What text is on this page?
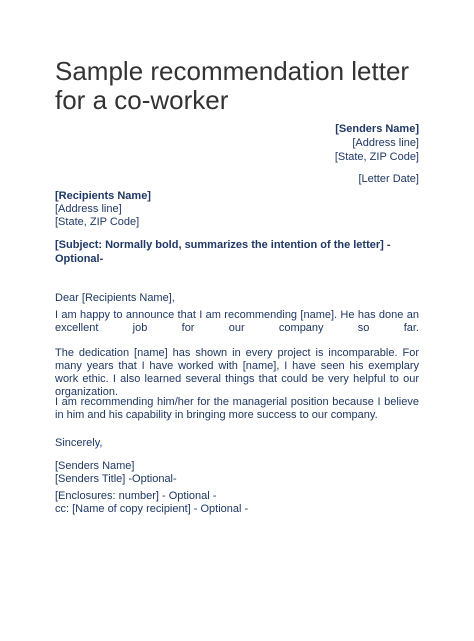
Sample recommendation letter for a co-worker
[Senders Name]
[Address line]
[State, ZIP Code]
[Letter Date]
[Recipients Name]
[Address line]
[State, ZIP Code]
[Subject: Normally bold, summarizes the intention of the letter] - Optional-
Dear [Recipients Name],
I am happy to announce that I am recommending [name]. He has done an
excellent job for our company so far.
The dedication [name] has shown in every project is incomparable. For many years that I have worked with [name], I have seen his exemplary work ethic. I also learned several things that could be very helpful to our organization.
I am recommending him/her for the managerial position because I believe in him and his capability in bringing more success to our company.
Sincerely,
[Senders Name]
[Senders Title] -Optional-
[Enclosures: number] - Optional -
cc: [Name of copy recipient] - Optional -
